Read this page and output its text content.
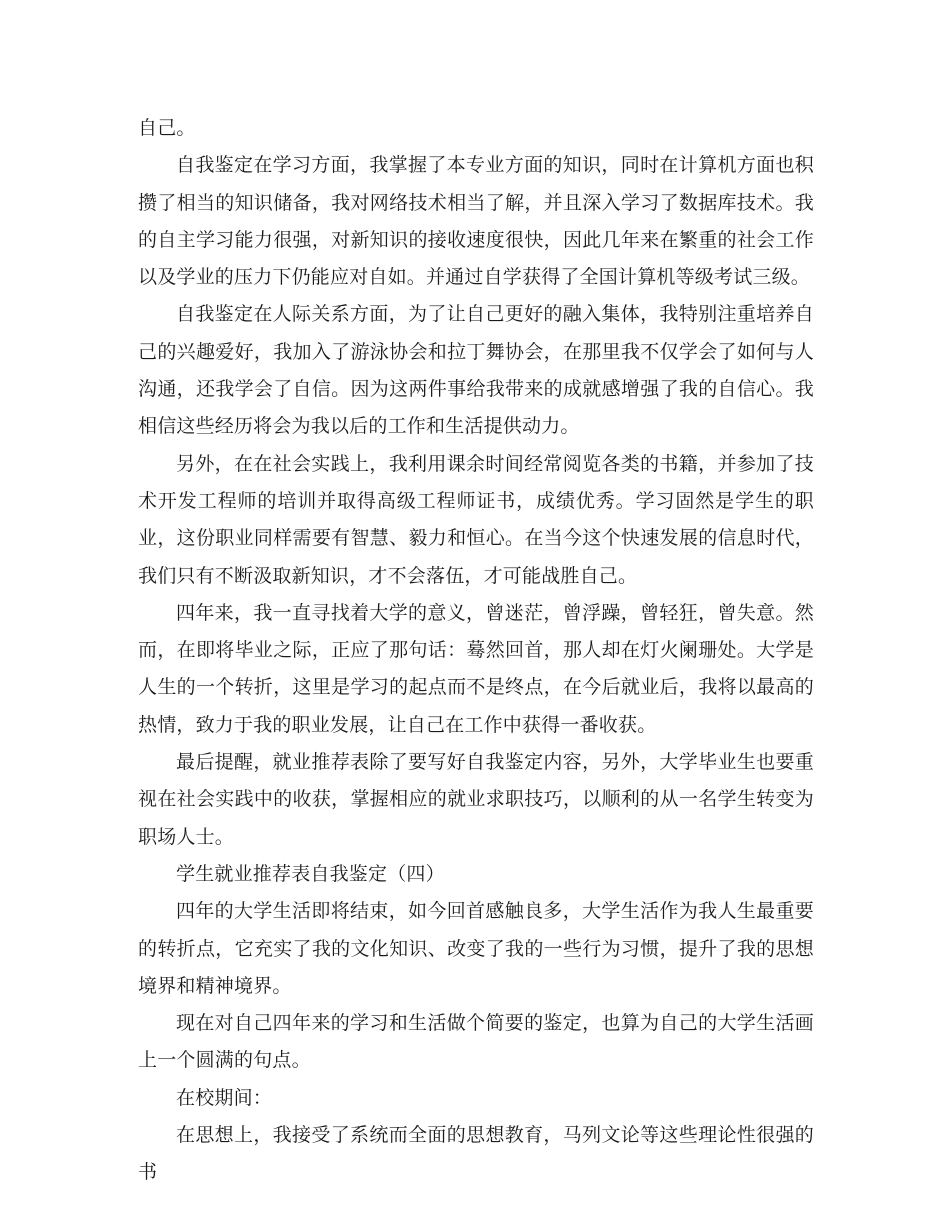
自己。

自我鉴定在学习方面，我掌握了本专业方面的知识，同时在计算机方面也积攒了相当的知识储备，我对网络技术相当了解，并且深入学习了数据库技术。我的自主学习能力很强，对新知识的接收速度很快，因此几年来在繁重的社会工作以及学业的压力下仍能应对自如。并通过自学获得了全国计算机等级考试三级。

自我鉴定在人际关系方面，为了让自己更好的融入集体，我特别注重培养自己的兴趣爱好，我加入了游泳协会和拉丁舞协会，在那里我不仅学会了如何与人沟通，还我学会了自信。因为这两件事给我带来的成就感增强了我的自信心。我相信这些经历将会为我以后的工作和生活提供动力。

另外，在在社会实践上，我利用课余时间经常阅览各类的书籍，并参加了技术开发工程师的培训并取得高级工程师证书，成绩优秀。学习固然是学生的职业，这份职业同样需要有智慧、毅力和恒心。在当今这个快速发展的信息时代，我们只有不断汲取新知识，才不会落伍，才可能战胜自己。

四年来，我一直寻找着大学的意义，曾迷茫，曾浮躁，曾轻狂，曾失意。然而，在即将毕业之际，正应了那句话：蓦然回首，那人却在灯火阑珊处。大学是人生的一个转折，这里是学习的起点而不是终点，在今后就业后，我将以最高的热情，致力于我的职业发展，让自己在工作中获得一番收获。

最后提醒，就业推荐表除了要写好自我鉴定内容，另外，大学毕业生也要重视在社会实践中的收获，掌握相应的就业求职技巧，以顺利的从一名学生转变为职场人士。

学生就业推荐表自我鉴定（四）

四年的大学生活即将结束，如今回首感触良多，大学生活作为我人生最重要的转折点，它充实了我的文化知识、改变了我的一些行为习惯，提升了我的思想境界和精神境界。

现在对自己四年来的学习和生活做个简要的鉴定，也算为自己的大学生活画上一个圆满的句点。

在校期间：

在思想上，我接受了系统而全面的思想教育，马列文论等这些理论性很强的书
